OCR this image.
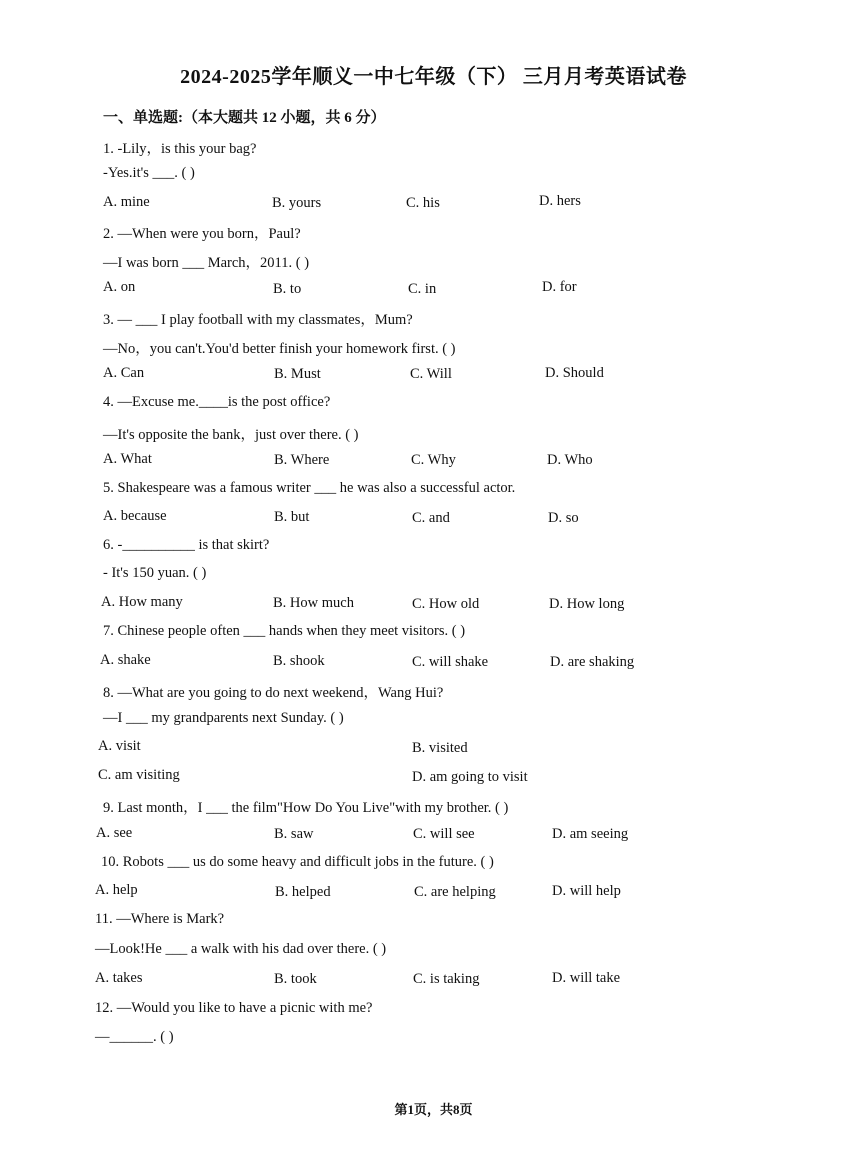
2024-2025学年顺义一中七年级（下） 三月月考英语试卷
一、单选题:（本大题共 12 小题，共 6 分）
1. -Lily，is this your bag?
-Yes.it's ___. ( )
A. mine	B. yours	C. his	D. hers
2. —When were you born，Paul?
—I was born ___ March，2011. ( )
A. on	B. to	C. in	D. for
3. — ___ I play football with my classmates，Mum?
—No，you can't.You'd better finish your homework first. ( )
A. Can	B. Must	C. Will	D. Should
4. —Excuse me.____is the post office?
—It's opposite the bank，just over there. ( )
A. What	B. Where	C. Why	D. Who
5. Shakespeare was a famous writer ___ he was also a successful actor.
A. because	B. but	C. and	D. so
6. -__________ is that skirt?
- It's 150 yuan. ( )
A. How many	B. How much	C. How old	D. How long
7. Chinese people often ___ hands when they meet visitors. ( )
A. shake	B. shook	C. will shake	D. are shaking
8. —What are you going to do next weekend，Wang Hui?
—I ___ my grandparents next Sunday. ( )
A. visit	B. visited
C. am visiting	D. am going to visit
9. Last month，I ___ the film"How Do You Live"with my brother. ( )
A. see	B. saw	C. will see	D. am seeing
10. Robots ___ us do some heavy and difficult jobs in the future. ( )
A. help	B. helped	C. are helping	D. will help
11. —Where is Mark?
—Look!He ___ a walk with his dad over there. ( )
A. takes	B. took	C. is taking	D. will take
12. —Would you like to have a picnic with me?
—______. ( )
第1页，共8页
